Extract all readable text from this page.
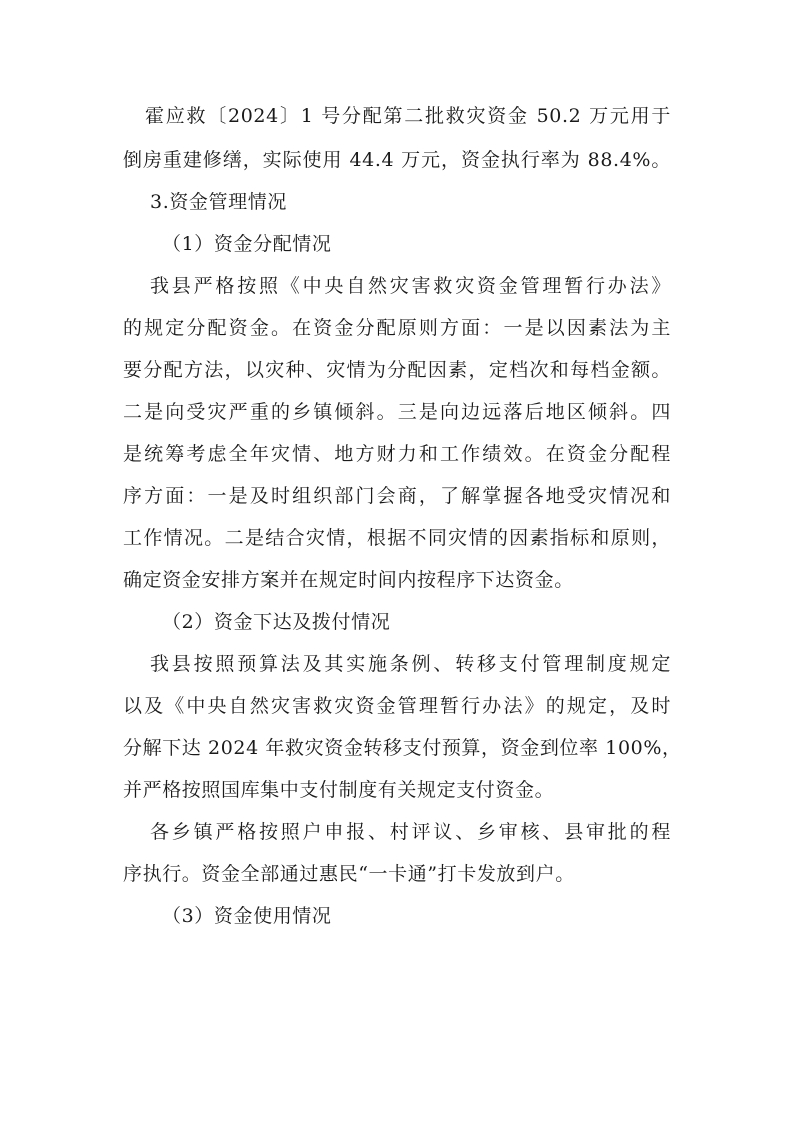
霍应救〔2024〕1 号分配第二批救灾资金 50.2 万元用于
倒房重建修缮，实际使用 44.4 万元，资金执行率为 88.4%。
3.资金管理情况
（1）资金分配情况
我县严格按照《中央自然灾害救灾资金管理暂行办法》
的规定分配资金。在资金分配原则方面：一是以因素法为主
要分配方法，以灾种、灾情为分配因素，定档次和每档金额。
二是向受灾严重的乡镇倾斜。三是向边远落后地区倾斜。四
是统筹考虑全年灾情、地方财力和工作绩效。在资金分配程
序方面：一是及时组织部门会商，了解掌握各地受灾情况和
工作情况。二是结合灾情，根据不同灾情的因素指标和原则，
确定资金安排方案并在规定时间内按程序下达资金。
（2）资金下达及拨付情况
我县按照预算法及其实施条例、转移支付管理制度规定
以及《中央自然灾害救灾资金管理暂行办法》的规定，及时
分解下达 2024 年救灾资金转移支付预算，资金到位率 100%，
并严格按照国库集中支付制度有关规定支付资金。
各乡镇严格按照户申报、村评议、乡审核、县审批的程
序执行。资金全部通过惠民“一卡通”打卡发放到户。
（3）资金使用情况
